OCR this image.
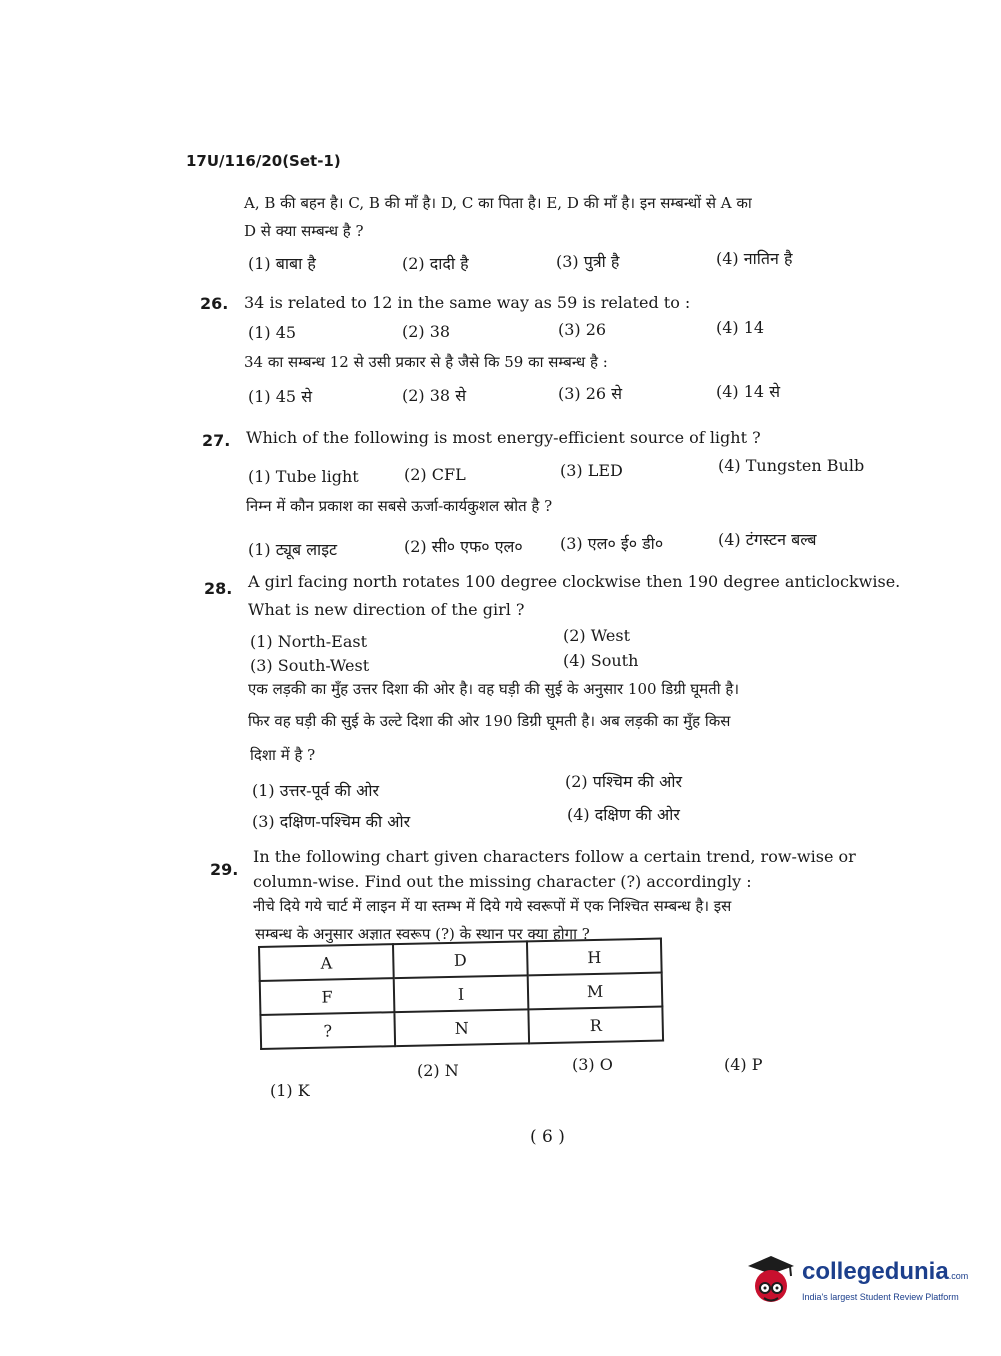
17U/116/20(Set-1)
A, B की बहन है। C, B की माँ है। D, C का पिता है। E, D की माँ है। इन सम्बन्धों से A का
D से क्या सम्बन्ध है ?
(1) बाबा है	(2) दादी है	(3) पुत्री है	(4) नातिन है
26. 34 is related to 12 in the same way as 59 is related to :
(1) 45	(2) 38	(3) 26	(4) 14
34 का सम्बन्ध 12 से उसी प्रकार से है जैसे कि 59 का सम्बन्ध है :
(1) 45 से	(2) 38 से	(3) 26 से	(4) 14 से
27. Which of the following is most energy-efficient source of light ?
(1) Tube light	(2) CFL	(3) LED	(4) Tungsten Bulb
निम्न में कौन प्रकाश का सबसे ऊर्जा-कार्यकुशल स्रोत है ?
(1) ट्यूब लाइट	(2) सी० एफ० एल० (3) एल० ई० डी०	(4) टंगस्टन बल्ब
28. A girl facing north rotates 100 degree clockwise then 190 degree anticlockwise.
What is new direction of the girl ?
(1) North-East	(2) West
(3) South-West	(4) South
एक लड़की का मुँह उत्तर दिशा की ओर है। वह घड़ी की सुई के अनुसार 100 डिग्री घूमती है।
फिर वह घड़ी की सुई के उल्टे दिशा की ओर 190 डिग्री घूमती है। अब लड़की का मुँह किस
दिशा में है ?
(1) उत्तर-पूर्व की ओर	(2) पश्चिम की ओर
(3) दक्षिण-पश्चिम की ओर	(4) दक्षिण की ओर
29.
In the following chart given characters follow a certain trend, row-wise or
column-wise. Find out the missing character (?) accordingly :
नीचे दिये गये चार्ट में लाइन में या स्तम्भ में दिये गये स्वरूपों में एक निश्चित सम्बन्ध है। इस
सम्बन्ध के अनुसार अज्ञात स्वरूप (?) के स्थान पर क्या होगा ?
A	D	H
F	I	M
?	N	R
(1) K
(2) N	(3) O	(4) P
( 6 )
collegedunia.com
India's largest Student Review Platform
